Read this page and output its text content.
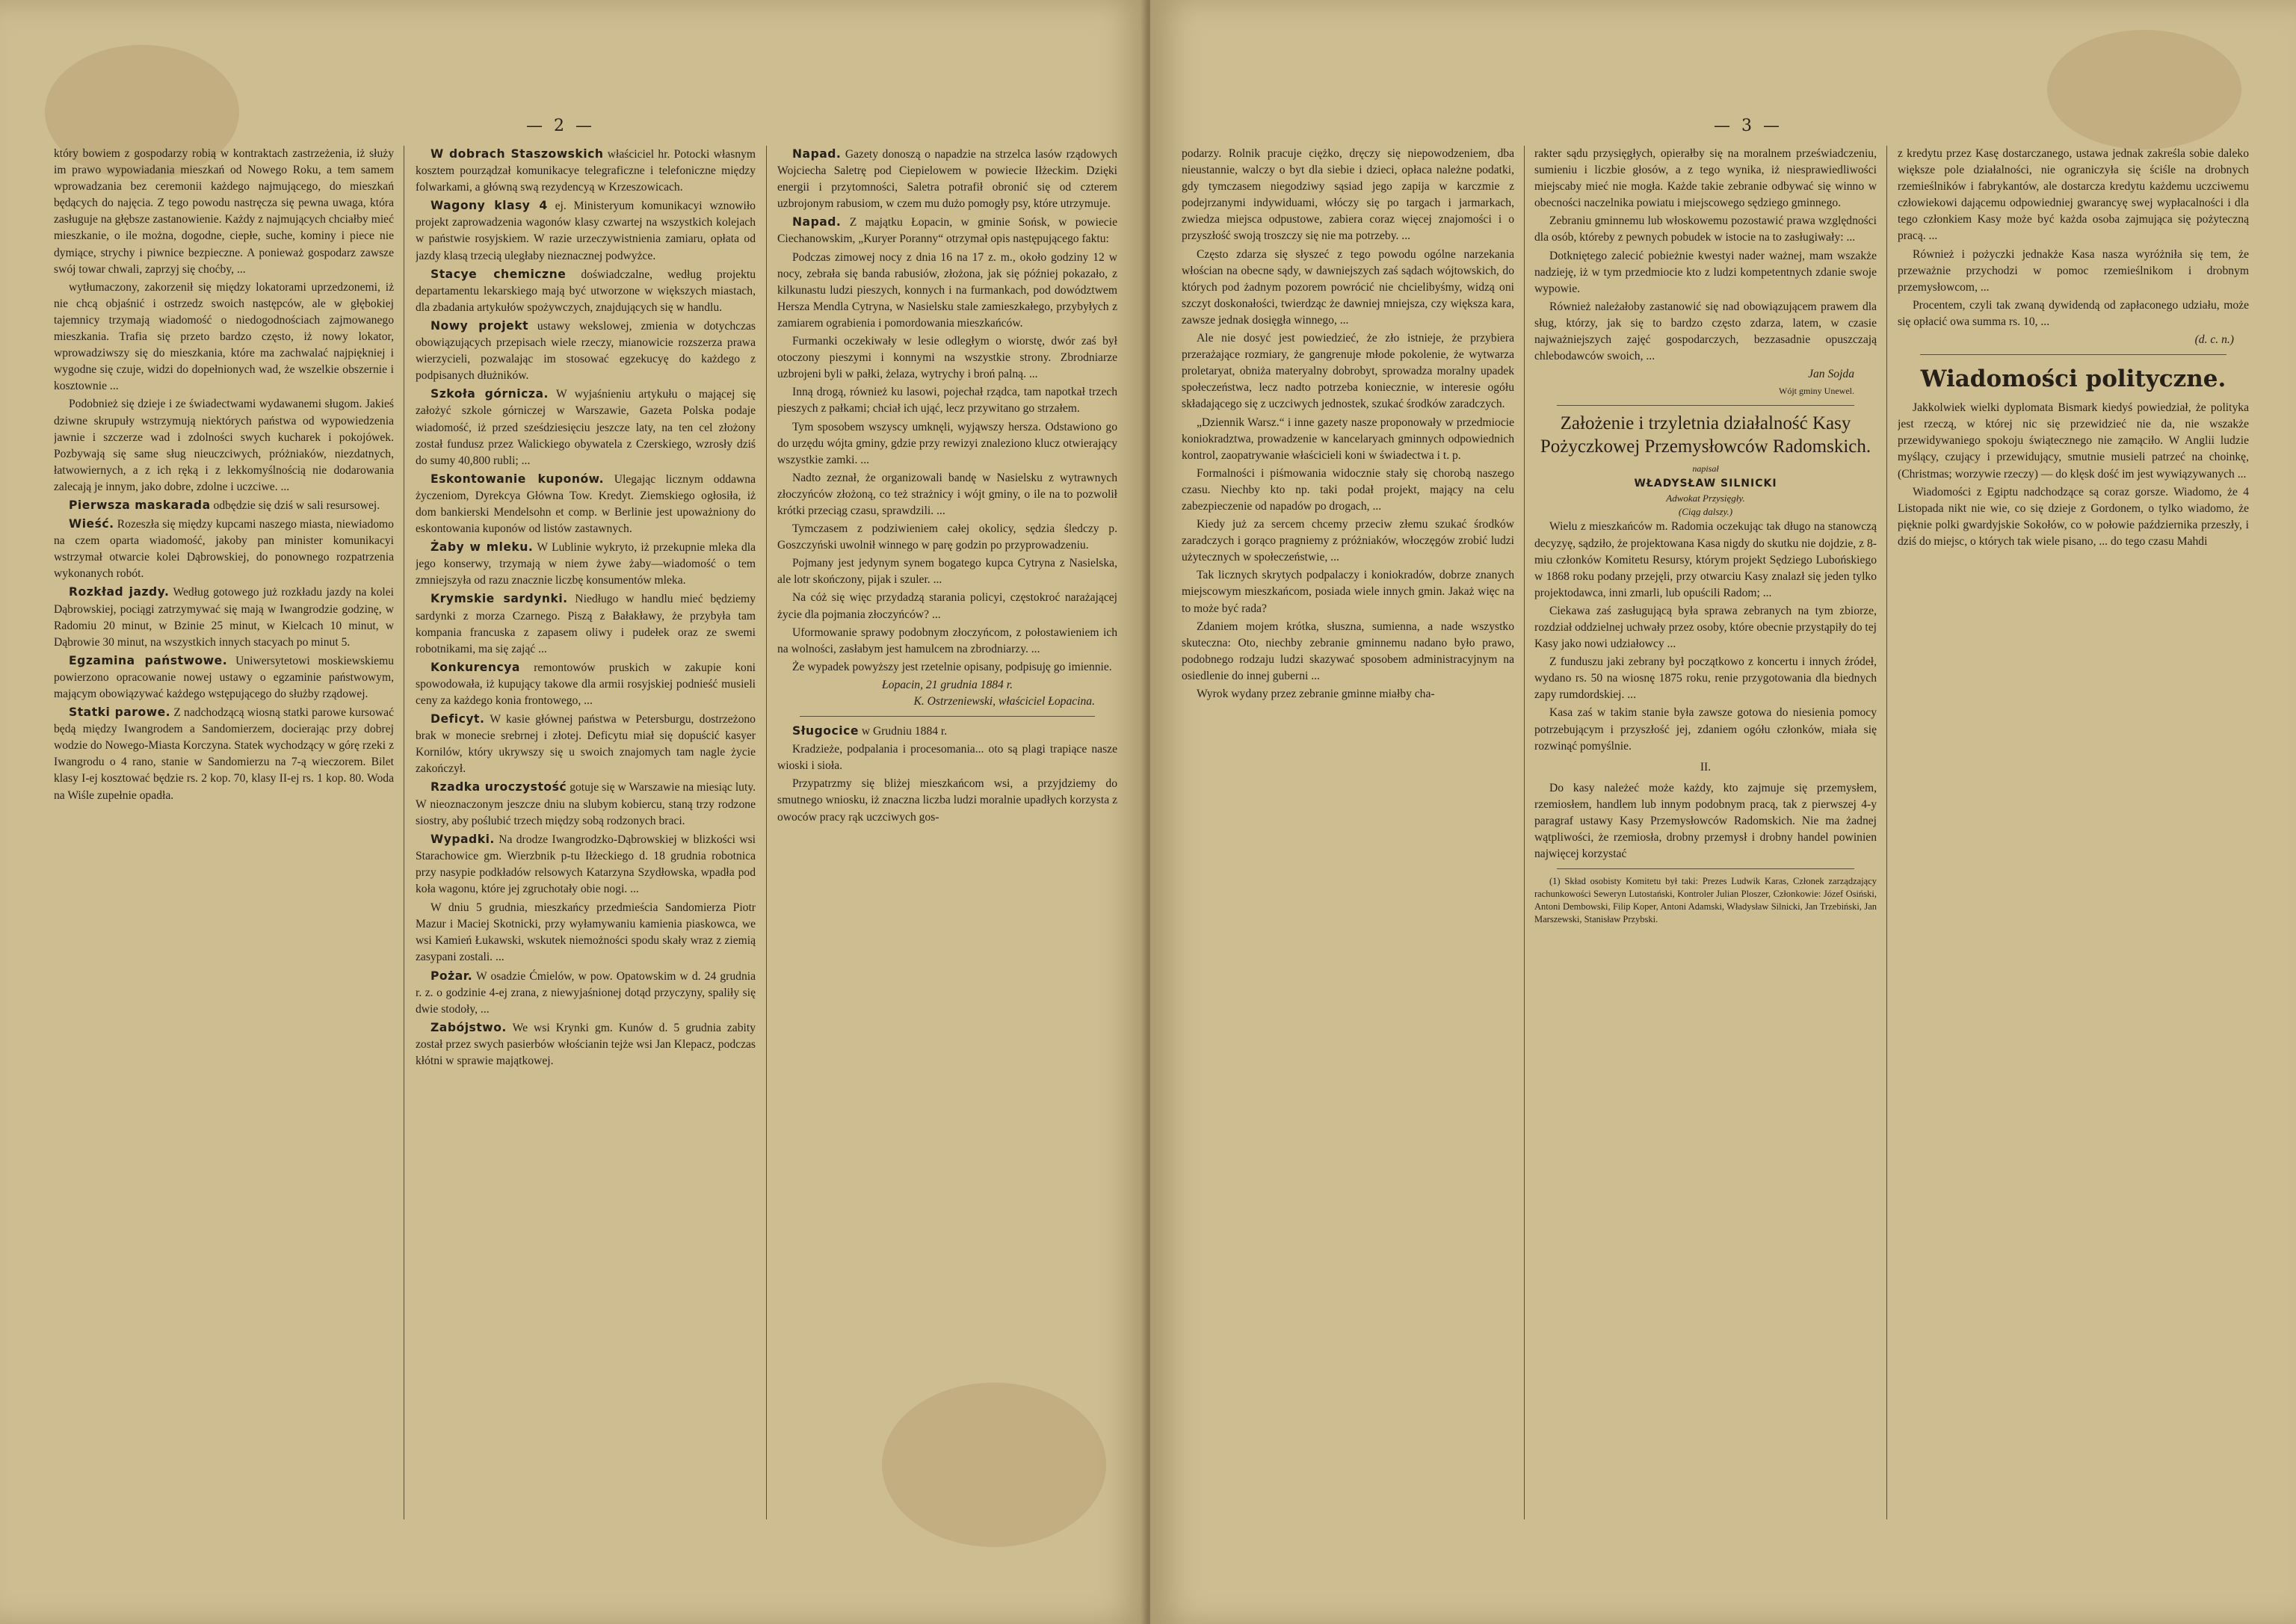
— 2 —

który bowiem z gospodarzy robią w kontraktach zastrzeżenia, iż służy im prawo wypowiadania mieszkań od Nowego Roku, a tem samem wprowadzania bez ceremonii każdego najmującego, do mieszkań będących do najęcia. Z tego powodu nastręcza się pewna uwaga, która zasługuje na głębsze zastanowienie. Każdy z najmujących chciałby mieć mieszkanie, o ile można, dogodne, ciepłe, suche, kominy i piece nie dymiące, strychy i piwnice bezpieczne. A ponieważ gospodarz zawsze swój towar chwali, zaprzyj się choćby, ...

wytłumaczony, zakorzenił się między lokatorami uprzedzonemi, iż nie chcą objaśnić i ostrzedz swoich następców, ale w głębokiej tajemnicy trzymają wiadomość o niedogodnościach zajmowanego mieszkania. Trafia się przeto bardzo często, iż nowy lokator, wprowadziwszy się do mieszkania, które ma zachwalać najpiękniej i wygodne się czuje, widzi do dopełnionych wad, że wszelkie obszernie i kosztownie ...

Podobnież się dzieje i ze świadectwami wydawanemi sługom. Jakieś dziwne skrupuły wstrzymują niektórych państwa od wypowiedzenia jawnie i szczerze wad i zdolności swych kucharek i pokojówek. Pozbywają się same sług nieuczciwych, próżniaków, niezdatnych, łatwowiernych, a z ich ręką i z lekkomyślnością nie dodarowania zalecają je innym, jako dobre, zdolne i uczciwe. ...

Pierwsza maskarada odbędzie się dziś w sali resursowej.

Wieść. Rozeszła się między kupcami naszego miasta, niewiadomo na czem oparta wiadomość, jakoby pan minister komunikacyi wstrzymał otwarcie kolei Dąbrowskiej, do ponownego rozpatrzenia wykonanych robót.

Rozkład jazdy. Według gotowego już rozkładu jazdy na kolei Dąbrowskiej, pociągi zatrzymywać się mają w Iwangrodzie godzinę, w Radomiu 20 minut, w Bzinie 25 minut, w Kielcach 10 minut, w Dąbrowie 30 minut, na wszystkich innych stacyach po minut 5.

Egzamina państwowe. Uniwersytetowi moskiewskiemu powierzono opracowanie nowej ustawy o egzaminie państwowym, mającym obowiązywać każdego wstępującego do służby rządowej.

Statki parowe. Z nadchodzącą wiosną statki parowe kursować będą między Iwangrodem a Sandomierzem, docierając przy dobrej wodzie do Nowego-Miasta Korczyna. Statek wychodzący w górę rzeki z Iwangrodu o 4 rano, stanie w Sandomierzu na 7-ą wieczorem. Bilet klasy I-ej kosztować będzie rs. 2 kop. 70, klasy II-ej rs. 1 kop. 80. Woda na Wiśle zupełnie opadła.

W dobrach Staszowskich właściciel hr. Potocki własnym kosztem pourządzał komunikacye telegraficzne i telefoniczne między folwarkami, a główną swą rezydencyą w Krzeszowicach.

Wagony klasy 4 ej. Ministeryum komunikacyi wznowiło projekt zaprowadzenia wagonów klasy czwartej na wszystkich kolejach w państwie rosyjskiem. W razie urzeczywistnienia zamiaru, opłata od jazdy klasą trzecią uległaby nieznacznej podwyżce.

Stacye chemiczne doświadczalne, według projektu departamentu lekarskiego mają być utworzone w większych miastach, dla zbadania artykułów spożywczych, znajdujących się w handlu.

Nowy projekt ustawy wekslowej, zmienia w dotychczas obowiązujących przepisach wiele rzeczy, mianowicie rozszerza prawa wierzycieli, pozwalając im stosować egzekucyę do każdego z podpisanych dłużników.

Szkoła górnicza. W wyjaśnieniu artykułu o mającej się założyć szkole górniczej w Warszawie, Gazeta Polska podaje wiadomość, iż przed sześdziesięciu jeszcze laty, na ten cel złożony został fundusz przez Walickiego obywatela z Czerskiego, wzrosły dziś do sumy 40,800 rubli; ...

Eskontowanie kuponów. Ulegając licznym oddawna życzeniom, Dyrekcya Główna Tow. Kredyt. Ziemskiego ogłosiła, iż dom bankierski Mendelsohn et comp. w Berlinie jest upoważniony do eskontowania kuponów od listów zastawnych.

Żaby w mleku. W Lublinie wykryto, iż przekupnie mleka dla jego konserwy, trzymają w niem żywe żaby—wiadomość o tem zmniejszyła od razu znacznie liczbę konsumentów mleka.

Krymskie sardynki. Niedługo w handlu mieć będziemy sardynki z morza Czarnego. Piszą z Bałakławy, że przybyła tam kompania francuska z zapasem oliwy i pudełek oraz ze swemi robotnikami, ma się zająć ...

Konkurencya remontowów pruskich w zakupie koni spowodowała, iż kupujący takowe dla armii rosyjskiej podnieść musieli ceny za każdego konia frontowego, ...

Deficyt. W kasie głównej państwa w Petersburgu, dostrzeżono brak w monecie srebrnej i złotej. Deficytu miał się dopuścić kasyer Kornilów, który ukrywszy się u swoich znajomych tam nagle życie zakończył.

Rzadka uroczystość gotuje się w Warszawie na miesiąc luty. W nieoznaczonym jeszcze dniu na slubym kobiercu, staną trzy rodzone siostry, aby poślubić trzech między sobą rodzonych braci.

Wypadki. Na drodze Iwangrodzko-Dąbrowskiej w blizkości wsi Starachowice gm. Wierzbnik p-tu Iłżeckiego d. 18 grudnia robotnica przy nasypie podkładów relsowych Katarzyna Szydłowska, wpadła pod koła wagonu, które jej zgruchotały obie nogi. ...

W dniu 5 grudnia, mieszkańcy przedmieścia Sandomierza Piotr Mazur i Maciej Skotnicki, przy wyłamywaniu kamienia piaskowca, we wsi Kamień Łukawski, wskutek niemożności spodu skały wraz z ziemią zasypani zostali. ...

Pożar. W osadzie Ćmielów, w pow. Opatowskim w d. 24 grudnia r. z. o godzinie 4-ej zrana, z niewyjaśnionej dotąd przyczyny, spaliły się dwie stodoły, ...

Zabójstwo. We wsi Krynki gm. Kunów d. 5 grudnia zabity został przez swych pasierbów włościanin tejże wsi Jan Klepacz, podczas kłótni w sprawie majątkowej.

Napad. Gazety donoszą o napadzie na strzelca lasów rządowych Wojciecha Saletrę pod Ciepielowem w powiecie Iłżeckim. Dzięki energii i przytomności, Saletra potrafił obronić się od czterem uzbrojonym rabusiom, w czem mu dużo pomogły psy, które utrzymuje.

Napad. Z majątku Łopacin, w gminie Sońsk, w powiecie Ciechanowskim, „Kuryer Poranny“ otrzymał opis następującego faktu:

Podczas zimowej nocy z dnia 16 na 17 z. m., około godziny 12 w nocy, zebrała się banda rabusiów, złożona, jak się później pokazało, z kilkunastu ludzi pieszych, konnych i na furmankach, pod dowództwem Hersza Mendla Cytryna, w Nasielsku stale zamieszkałego, przybyłych z zamiarem ograbienia i pomordowania mieszkańców.

Furmanki oczekiwały w lesie odległym o wiorstę, dwór zaś był otoczony pieszymi i konnymi na wszystkie strony. Zbrodniarze uzbrojeni byli w pałki, żelaza, wytrychy i broń palną. ...

Inną drogą, również ku lasowi, pojechał rządca, tam napotkał trzech pieszych z pałkami; chciał ich ująć, lecz przywitano go strzałem.

Tym sposobem wszyscy umknęli, wyjąwszy hersza. Odstawiono go do urzędu wójta gminy, gdzie przy rewizyi znaleziono klucz otwierający wszystkie zamki. ...

Nadto zeznał, że organizowali bandę w Nasielsku z wytrawnych złoczyńców złożoną, co też strażnicy i wójt gminy, o ile na to pozwolił krótki przeciąg czasu, sprawdzili. ...

Tymczasem z podziwieniem całej okolicy, sędzia śledczy p. Goszczyński uwolnił winnego w parę godzin po przyprowadzeniu.

Pojmany jest jedynym synem bogatego kupca Cytryna z Nasielska, ale lotr skończony, pijak i szuler. ...

Na cóż się więc przydadzą starania policyi, częstokroć narażającej życie dla pojmania złoczyńców? ...

Uformowanie sprawy podobnym złoczyńcom, z połostawieniem ich na wolności, zasłabym jest hamulcem na zbrodniarzy. ...

Że wypadek powyższy jest rzetelnie opisany, podpisuję go imiennie.

Łopacin, 21 grudnia 1884 r.
K. Ostrzeniewski, właściciel Łopacina.

Sługocice w Grudniu 1884 r.

Kradzieże, podpalania i procesomania... oto są plagi trapiące nasze wioski i sioła.

Przypatrzmy się bliżej mieszkańcom wsi, a przyjdziemy do smutnego wniosku, iż znaczna liczba ludzi moralnie upadłych korzysta z owoców pracy rąk uczciwych gos-

— 3 —

podarzy. Rolnik pracuje ciężko, dręczy się niepowodzeniem, dba nieustannie, walczy o byt dla siebie i dzieci, opłaca należne podatki, gdy tymczasem niegodziwy sąsiad jego zapija w karczmie z podejrzanymi indywiduami, włóczy się po targach i jarmarkach, zwiedza miejsca odpustowe, zabiera coraz więcej znajomości i o przyszłość swoją troszczy się nie ma potrzeby. ...

Często zdarza się słyszeć z tego powodu ogólne narzekania włościan na obecne sądy, w dawniejszych zaś sądach wójtowskich, do których pod żadnym pozorem powrócić nie chcielibyśmy, widzą oni szczyt doskonałości, twierdząc że dawniej mniejsza, czy większa kara, zawsze jednak dosięgła winnego, ...

Ale nie dosyć jest powiedzieć, że zło istnieje, że przybiera przerażające rozmiary, że gangrenuje młode pokolenie, że wytwarza proletaryat, obniża materyalny dobrobyt, sprowadza moralny upadek społeczeństwa, lecz nadto potrzeba koniecznie, w interesie ogółu składającego się z uczciwych jednostek, szukać środków zaradczych.

„Dziennik Warsz.“ i inne gazety nasze proponowały w przedmiocie koniokradztwa, prowadzenie w kancelaryach gminnych odpowiednich kontrol, zaopatrywanie właścicieli koni w świadectwa i t. p.

Formalności i piśmowania widocznie stały się chorobą naszego czasu. Niechby kto np. taki podał projekt, mający na celu zabezpieczenie od napadów po drogach, ...

Kiedy już za sercem chcemy przeciw złemu szukać środków zaradczych i gorąco pragniemy z próżniaków, włoczęgów zrobić ludzi użytecznych w społeczeństwie, ...

Tak licznych skrytych podpalaczy i koniokradów, dobrze znanych miejscowym mieszkańcom, posiada wiele innych gmin. Jakaż więc na to może być rada?

Zdaniem mojem krótka, słuszna, sumienna, a nade wszystko skuteczna: Oto, niechby zebranie gminnemu nadano było prawo, podobnego rodzaju ludzi skazywać sposobem administracyjnym na osiedlenie do innej guberni ...

Wyrok wydany przez zebranie gminne miałby cha-

rakter sądu przysięgłych, opierałby się na moralnem przeświadczeniu, sumieniu i liczbie głosów, a z tego wynika, iż niesprawiedliwości miejscaby mieć nie mogła. Każde takie zebranie odbywać się winno w obecności naczelnika powiatu i miejscowego sędziego gminnego.

Zebraniu gminnemu lub włoskowemu pozostawić prawa względności dla osób, któreby z pewnych pobudek w istocie na to zasługiwały: ...

Dotkniętego zalecić pobieżnie kwestyi nader ważnej, mam wszakże nadzieję, iż w tym przedmiocie kto z ludzi kompetentnych zdanie swoje wypowie.

Również należałoby zastanowić się nad obowiązującem prawem dla sług, którzy, jak się to bardzo często zdarza, latem, w czasie najważniejszych zajęć gospodarczych, bezzasadnie opuszczają chlebodawców swoich, ...

Jan Sojda
Wójt gminy Unewel.
Założenie i trzyletnia działalność Kasy Pożyczkowej Przemysłowców Radomskich.
napisał
WŁADYSŁAW SILNICKI
Adwokat Przysięgły.
(Ciąg dalszy.)

Wielu z mieszkańców m. Radomia oczekując tak długo na stanowczą decyzyę, sądziło, że projektowana Kasa nigdy do skutku nie dojdzie, z 8-miu członków Komitetu Resursy, którym projekt Sędziego Lubońskiego w 1868 roku podany przejęli, przy otwarciu Kasy znalazł się jeden tylko projektodawca, inni zmarli, lub opuścili Radom; ...

Ciekawa zaś zasługującą była sprawa zebranych na tym zbiorze, rozdział oddzielnej uchwały przez osoby, które obecnie przystąpiły do tej Kasy jako nowi udziałowcy ...

Z funduszu jaki zebrany był początkowo z koncertu i innych źródeł, wydano rs. 50 na wiosnę 1875 roku, renie przygotowania dla biednych zapy rumdordskiej. ...

Kasa zaś w takim stanie była zawsze gotowa do niesienia pomocy potrzebującym i przyszłość jej, zdaniem ogółu członków, miała się rozwinąć pomyślnie.

II.

Do kasy należeć może każdy, kto zajmuje się przemysłem, rzemiosłem, handlem lub innym podobnym pracą, tak z pierwszej 4-y paragraf ustawy Kasy Przemysłowców Radomskich. Nie ma żadnej wątpliwości, że rzemiosła, drobny przemysł i drobny handel powinien najwięcej korzystać

(1) Skład osobisty Komitetu był taki: Prezes Ludwik Karas, Członek zarządzający rachunkowości Seweryn Lutostański, Kontroler Julian Ploszer, Członkowie: Józef Osiński, Antoni Dembowski, Filip Koper, Antoni Adamski, Władysław Silnicki, Jan Trzebiński, Jan Marszewski, Stanisław Przybski.

z kredytu przez Kasę dostarczanego, ustawa jednak zakreśla sobie daleko większe pole działalności, nie ograniczyła się ściśle na drobnych rzemieślników i fabrykantów, ale dostarcza kredytu każdemu uczciwemu człowiekowi dającemu odpowiedniej gwarancyę swej wypłacalności i dla tego członkiem Kasy może być każda osoba zajmująca się pożyteczną pracą. ...

Również i pożyczki jednakże Kasa nasza wyróżniła się tem, że przeważnie przychodzi w pomoc rzemieślnikom i drobnym przemysłowcom, ...

Procentem, czyli tak zwaną dywidendą od zapłaconego udziału, może się opłacić owa summa rs. 10, ...

(d. c. n.)
Wiadomości polityczne.

Jakkolwiek wielki dyplomata Bismark kiedyś powiedział, że polityka jest rzeczą, w której nic się przewidzieć nie da, nie wszakże przewidywaniego spokoju świątecznego nie zamąciło. W Anglii ludzie myślący, czujący i przewidujący, smutnie musieli patrzeć na choinkę, (Christmas; worzywie rzeczy) — do klęsk dość im jest wywiązywanych ...

Wiadomości z Egiptu nadchodzące są coraz gorsze. Wiadomo, że 4 Listopada nikt nie wie, co się dzieje z Gordonem, o tylko wiadomo, że pięknie polki gwardyjskie Sokołów, co w połowie października przeszły, i dziś do miejsc, o których tak wiele pisano, ... do tego czasu Mahdi
